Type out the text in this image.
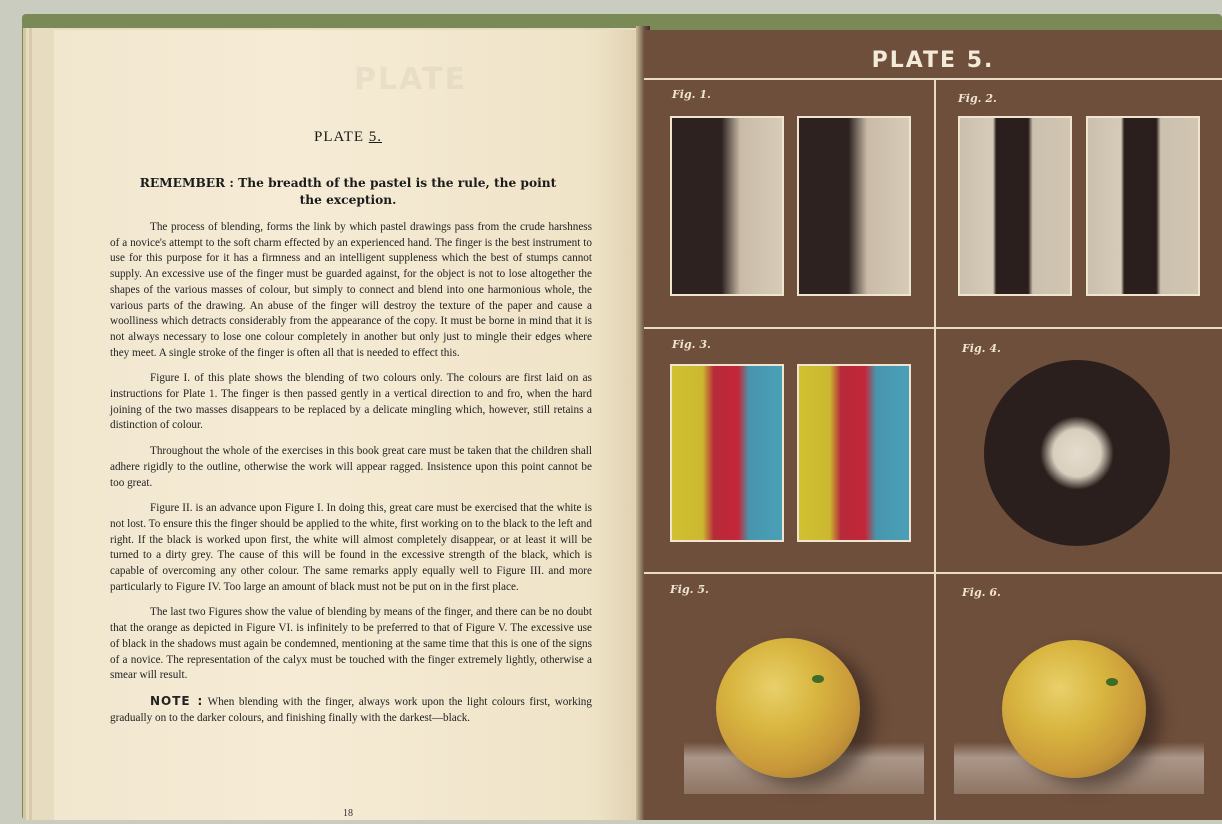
PLATE
PLATE 5.
REMEMBER : The breadth of the pastel is the rule, the point
the exception.

The process of blending, forms the link by which pastel drawings pass from the crude harshness of a novice's attempt to the soft charm effected by an experienced hand. The finger is the best instrument to use for this purpose for it has a firmness and an intelligent suppleness which the best of stumps cannot supply. An excessive use of the finger must be guarded against, for the object is not to lose altogether the shapes of the various masses of colour, but simply to connect and blend into one harmonious whole, the various parts of the drawing. An abuse of the finger will destroy the texture of the paper and cause a woolliness which detracts considerably from the appearance of the copy. It must be borne in mind that it is not always necessary to lose one colour completely in another but only just to mingle their edges where they meet. A single stroke of the finger is often all that is needed to effect this.

Figure I. of this plate shows the blending of two colours only. The colours are first laid on as instructions for Plate 1. The finger is then passed gently in a vertical direction to and fro, when the hard joining of the two masses disappears to be replaced by a delicate mingling which, however, still retains a distinction of colour.

Throughout the whole of the exercises in this book great care must be taken that the children shall adhere rigidly to the outline, otherwise the work will appear ragged. Insistence upon this point cannot be too great.

Figure II. is an advance upon Figure I. In doing this, great care must be exercised that the white is not lost. To ensure this the finger should be applied to the white, first working on to the black to the left and right. If the black is worked upon first, the white will almost completely disappear, or at least it will be turned to a dirty grey. The cause of this will be found in the excessive strength of the black, which is capable of overcoming any other colour. The same remarks apply equally well to Figure III. and more particularly to Figure IV. Too large an amount of black must not be put on in the first place.

The last two Figures show the value of blending by means of the finger, and there can be no doubt that the orange as depicted in Figure VI. is infinitely to be preferred to that of Figure V. The excessive use of black in the shadows must again be condemned, mentioning at the same time that this is one of the signs of a novice. The representation of the calyx must be touched with the finger extremely lightly, otherwise a smear will result.

NOTE : When blending with the finger, always work upon the light colours first, working gradually on to the darker colours, and finishing finally with the darkest—black.

18
PLATE 5.
Fig. 1.	Fig. 2.
Fig. 3.	Fig. 4.
Fig. 5.	Fig. 6.
